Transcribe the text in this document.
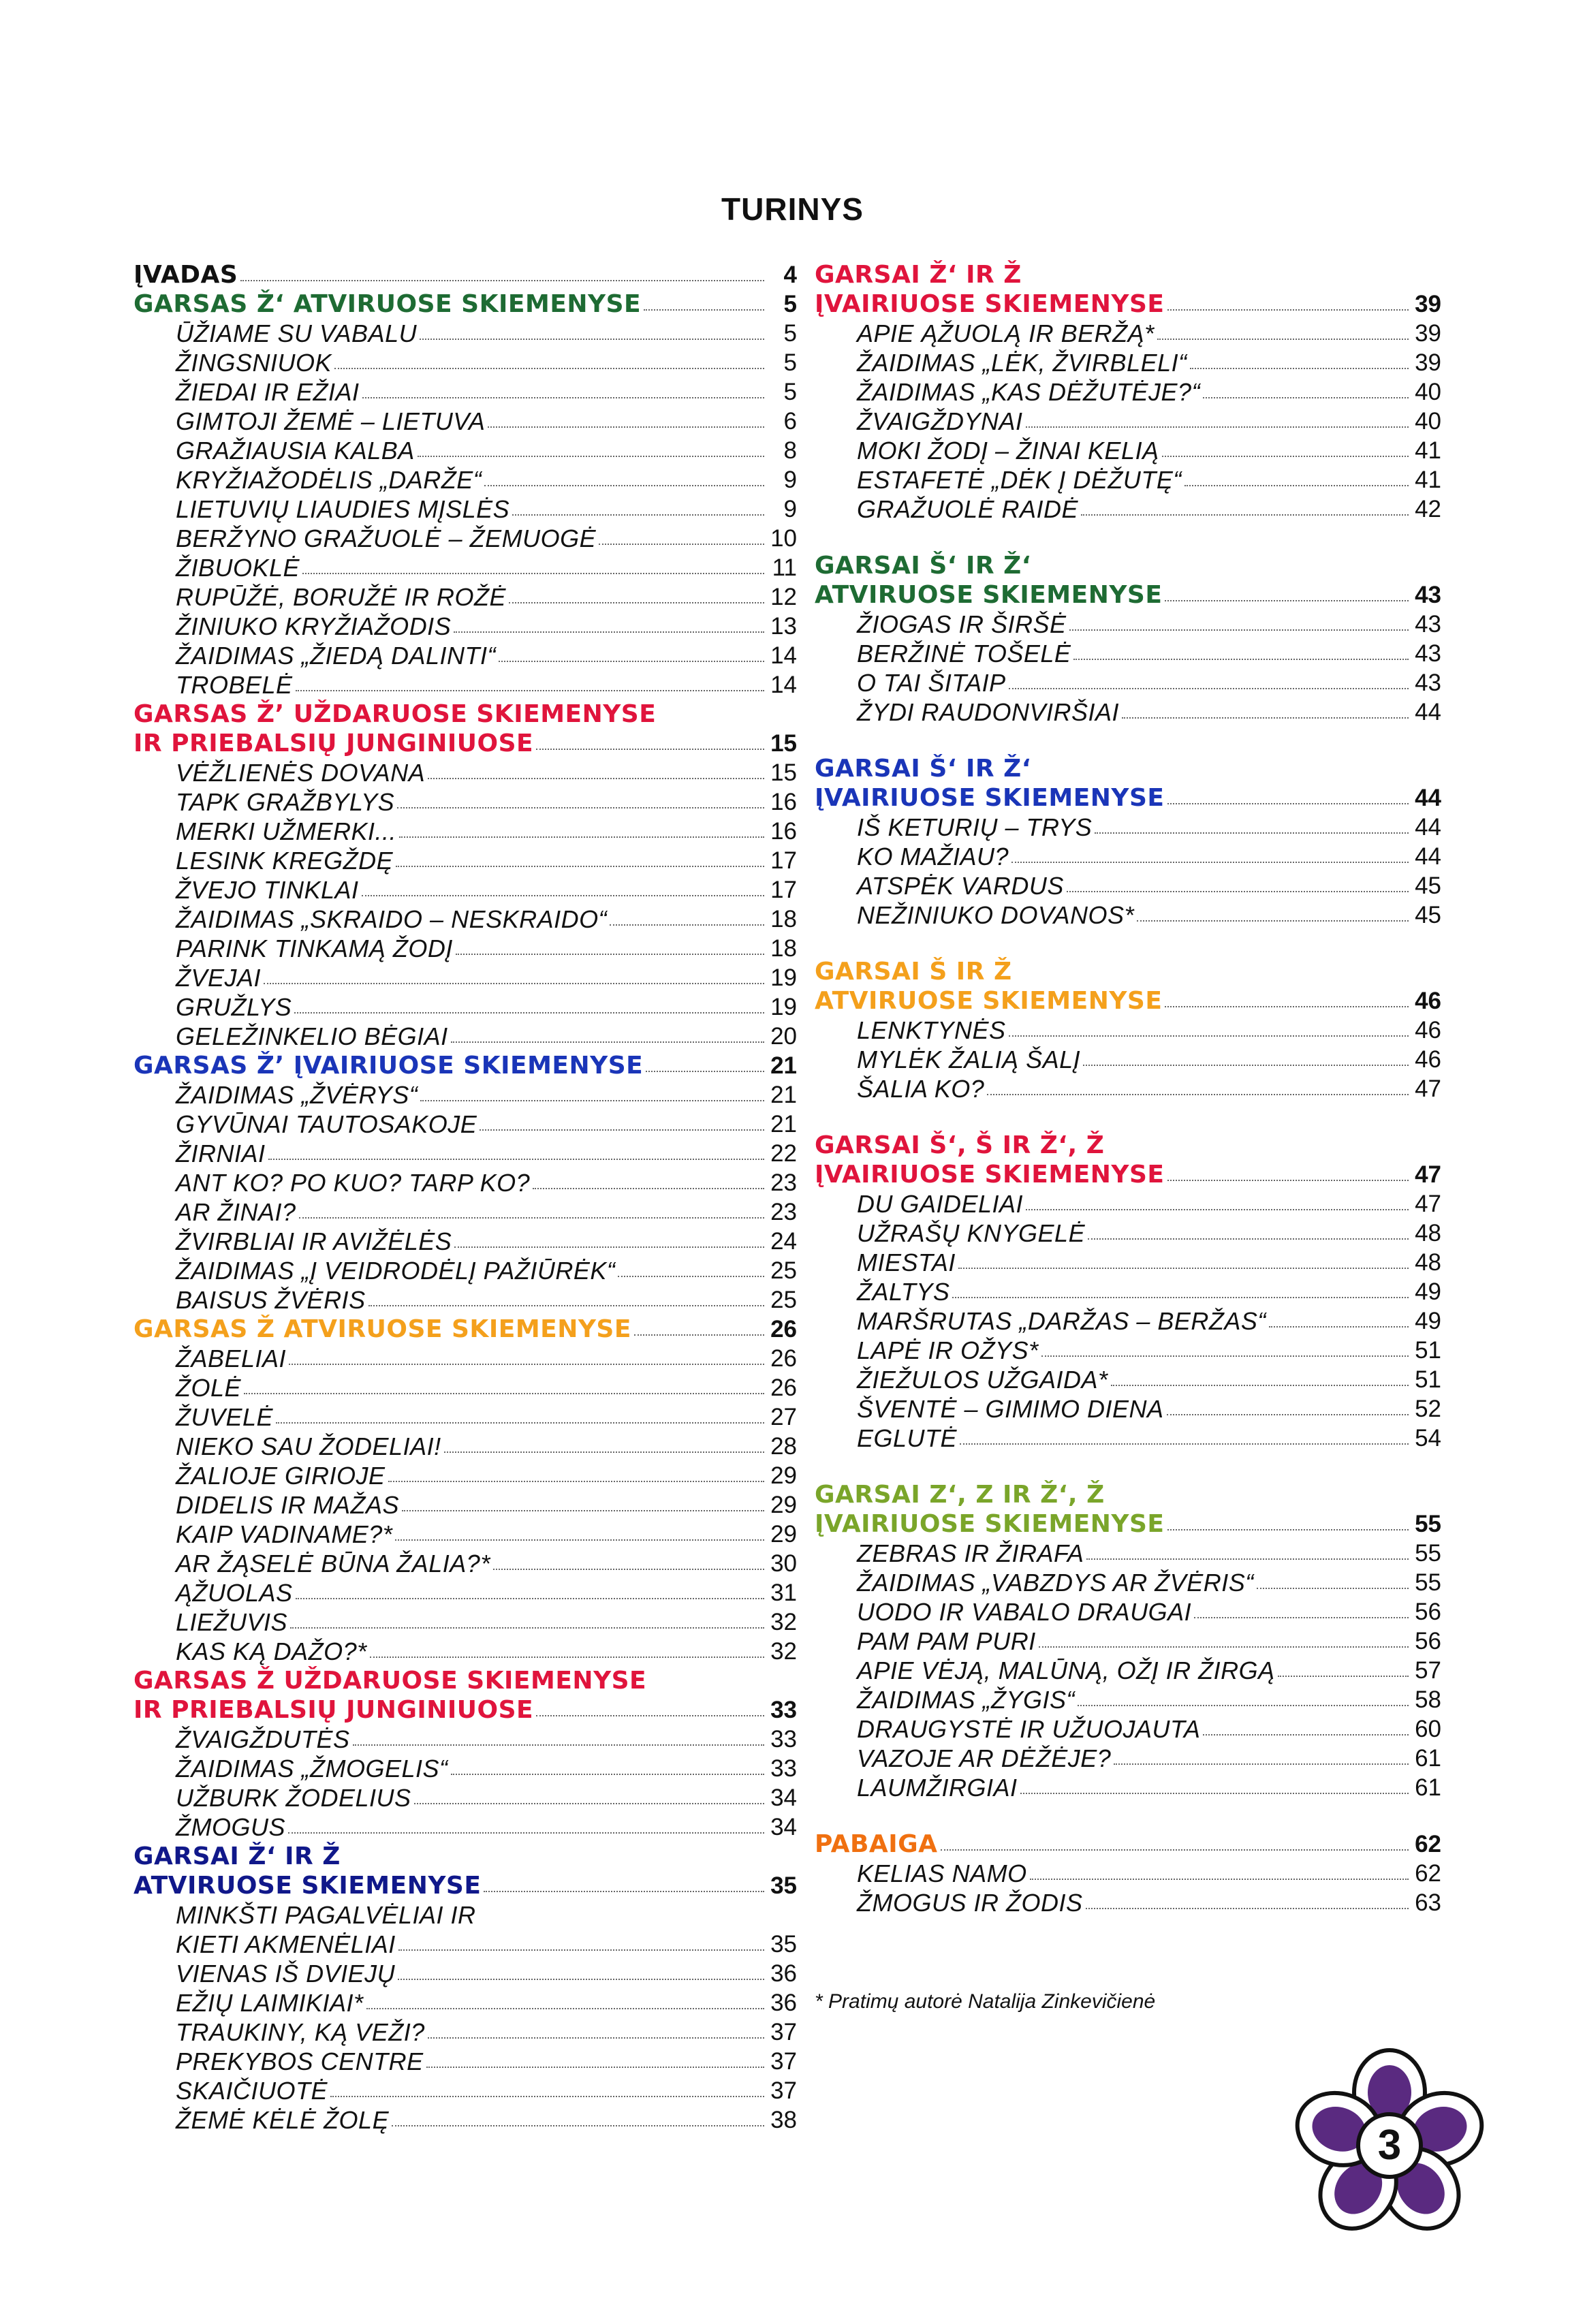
TURINYS
ĮVADAS	4
GARSAS Ž‘ ATVIRUOSE SKIEMENYSE	5
ŪŽIAME SU VABALU	5
ŽINGSNIUOK	5
ŽIEDAI IR EŽIAI	5
GIMTOJI ŽEMĖ – LIETUVA	6
GRAŽIAUSIA KALBA	8
KRYŽIAŽODĖLIS „DARŽE“	9
LIETUVIŲ LIAUDIES MĮSLĖS	9
BERŽYNO GRAŽUOLĖ – ŽEMUOGĖ	10
ŽIBUOKLĖ	11
RUPŪŽĖ, BORUŽĖ IR ROŽĖ	12
ŽINIUKO KRYŽIAŽODIS	13
ŽAIDIMAS „ŽIEDĄ DALINTI“	14
TROBELĖ	14
GARSAS Ž’ UŽDARUOSE SKIEMENYSE
IR PRIEBALSIŲ JUNGINIUOSE	15
VĖŽLIENĖS DOVANA	15
TAPK GRAŽBYLYS	16
MERKI UŽMERKI...	16
LESINK KREGŽDĘ	17
ŽVEJO TINKLAI	17
ŽAIDIMAS „SKRAIDO – NESKRAIDO“	18
PARINK TINKAMĄ ŽODĮ	18
ŽVEJAI	19
GRUŽLYS	19
GELEŽINKELIO BĖGIAI	20
GARSAS Ž’ ĮVAIRIUOSE SKIEMENYSE	21
ŽAIDIMAS „ŽVĖRYS“	21
GYVŪNAI TAUTOSAKOJE	21
ŽIRNIAI	22
ANT KO? PO KUO? TARP KO?	23
AR ŽINAI?	23
ŽVIRBLIAI IR AVIŽĖLĖS	24
ŽAIDIMAS „Į VEIDRODĖLĮ PAŽIŪRĖK“	25
BAISUS ŽVĖRIS	25
GARSAS Ž ATVIRUOSE SKIEMENYSE	26
ŽABELIAI	26
ŽOLĖ	26
ŽUVELĖ	27
NIEKO SAU ŽODELIAI!	28
ŽALIOJE GIRIOJE	29
DIDELIS IR MAŽAS	29
KAIP VADINAME?*	29
AR ŽĄSELĖ BŪNA ŽALIA?*	30
ĄŽUOLAS	31
LIEŽUVIS	32
KAS KĄ DAŽO?*	32
GARSAS Ž UŽDARUOSE SKIEMENYSE
IR PRIEBALSIŲ JUNGINIUOSE	33
ŽVAIGŽDUTĖS	33
ŽAIDIMAS „ŽMOGELIS“	33
UŽBURK ŽODELIUS	34
ŽMOGUS	34
GARSAI Ž‘ IR Ž
ATVIRUOSE SKIEMENYSE	35
MINKŠTI PAGALVĖLIAI IR
KIETI AKMENĖLIAI	35
VIENAS IŠ DVIEJŲ	36
EŽIŲ LAIMIKIAI*	36
TRAUKINY, KĄ VEŽI?	37
PREKYBOS CENTRE	37
SKAIČIUOTĖ	37
ŽEMĖ KĖLĖ ŽOLĘ	38
GARSAI Ž‘ IR Ž
ĮVAIRIUOSE SKIEMENYSE	39
APIE ĄŽUOLĄ IR BERŽĄ*	39
ŽAIDIMAS „LĖK, ŽVIRBLELI“	39
ŽAIDIMAS „KAS DĖŽUTĖJE?“	40
ŽVAIGŽDYNAI	40
MOKI ŽODĮ – ŽINAI KELIĄ	41
ESTAFETĖ „DĖK Į DĖŽUTĘ“	41
GRAŽUOLĖ RAIDĖ	42
GARSAI Š‘ IR Ž‘
ATVIRUOSE SKIEMENYSE	43
ŽIOGAS IR ŠIRŠĖ	43
BERŽINĖ TOŠELĖ	43
O TAI ŠITAIP	43
ŽYDI RAUDONVIRŠIAI	44
GARSAI Š‘ IR Ž‘
ĮVAIRIUOSE SKIEMENYSE	44
IŠ KETURIŲ – TRYS	44
KO MAŽIAU?	44
ATSPĖK VARDUS	45
NEŽINIUKO DOVANOS*	45
GARSAI Š IR Ž
ATVIRUOSE SKIEMENYSE	46
LENKTYNĖS	46
MYLĖK ŽALIĄ ŠALĮ	46
ŠALIA KO?	47
GARSAI Š‘, Š IR Ž‘, Ž
ĮVAIRIUOSE SKIEMENYSE	47
DU GAIDELIAI	47
UŽRAŠŲ KNYGELĖ	48
MIESTAI	48
ŽALTYS	49
MARŠRUTAS „DARŽAS – BERŽAS“	49
LAPĖ IR OŽYS*	51
ŽIEŽULOS UŽGAIDA*	51
ŠVENTĖ – GIMIMO DIENA	52
EGLUTĖ	54
GARSAI Z‘, Z IR Ž‘, Ž
ĮVAIRIUOSE SKIEMENYSE	55
ZEBRAS IR ŽIRAFA	55
ŽAIDIMAS „VABZDYS AR ŽVĖRIS“	55
UODO IR VABALO DRAUGAI	56
PAM PAM PURI	56
APIE VĖJĄ, MALŪNĄ, OŽĮ IR ŽIRGĄ	57
ŽAIDIMAS „ŽYGIS“	58
DRAUGYSTĖ IR UŽUOJAUTA	60
VAZOJE AR DĖŽĖJE?	61
LAUMŽIRGIAI	61
PABAIGA	62
KELIAS NAMO	62
ŽMOGUS IR ŽODIS	63
* Pratimų autorė Natalija Zinkevičienė
3
